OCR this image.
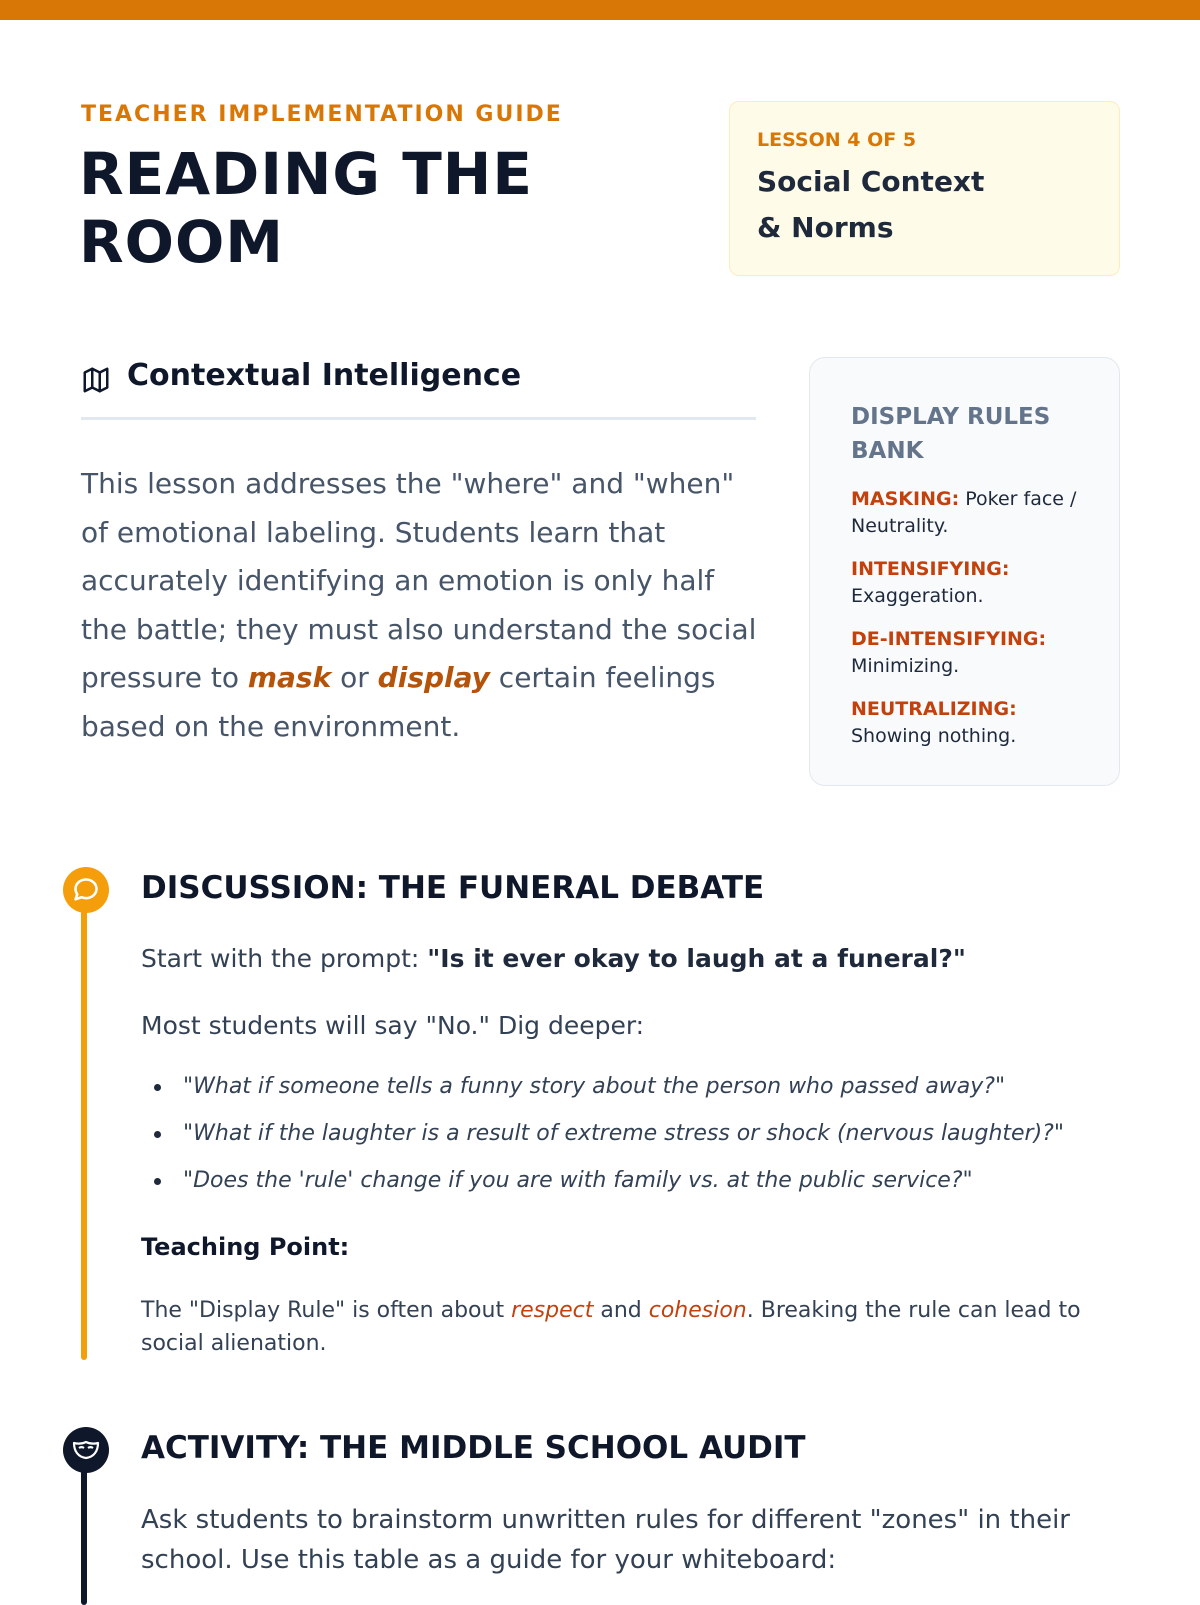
TEACHER IMPLEMENTATION GUIDE
READING THE ROOM
LESSON 4 OF 5
Social Context & Norms
Contextual Intelligence

This lesson addresses the "where" and "when" of emotional labeling. Students learn that accurately identifying an emotion is only half the battle; they must also understand the social pressure to mask or display certain feelings based on the environment.

DISPLAY RULES BANK
MASKING: Poker face / Neutrality.
INTENSIFYING:
Exaggeration.
DE-INTENSIFYING:
Minimizing.
NEUTRALIZING:
Showing nothing.
DISCUSSION: THE FUNERAL DEBATE

Start with the prompt: "Is it ever okay to laugh at a funeral?"

Most students will say "No." Dig deeper:

"What if someone tells a funny story about the person who passed away?"
"What if the laughter is a result of extreme stress or shock (nervous laughter)?"
"Does the 'rule' change if you are with family vs. at the public service?"
Teaching Point:

The "Display Rule" is often about respect and cohesion. Breaking the rule can lead to social alienation.

ACTIVITY: THE MIDDLE SCHOOL AUDIT

Ask students to brainstorm unwritten rules for different "zones" in their school. Use this table as a guide for your whiteboard:
